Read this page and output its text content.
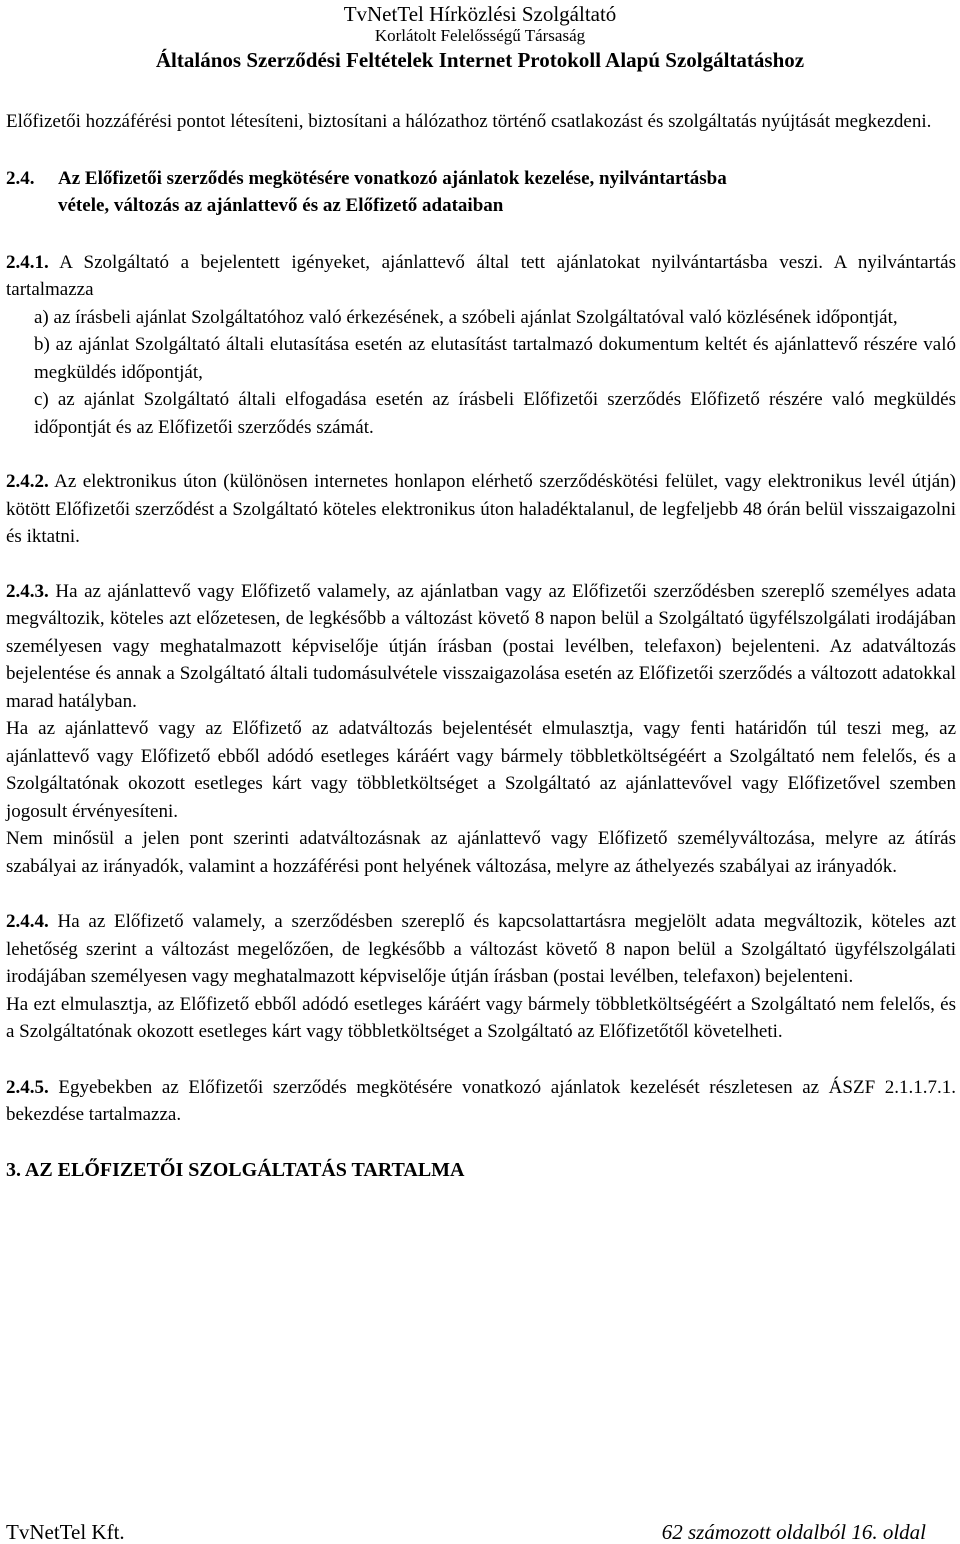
TvNetTel Hírközlési Szolgáltató
Korlátolt Felelősségű Társaság
Általános Szerződési Feltételek Internet Protokoll Alapú Szolgáltatáshoz

Előfizetői hozzáférési pontot létesíteni, biztosítani a hálózathoz történő csatlakozást és szolgáltatás nyújtását megkezdeni.

2.4. Az Előfizetői szerződés megkötésére vonatkozó ajánlatok kezelése, nyilvántartásba
vétele, változás az ajánlattevő és az Előfizető adataiban

2.4.1. A Szolgáltató a bejelentett igényeket, ajánlattevő által tett ajánlatokat nyilvántartásba veszi. A nyilvántartás tartalmazza

a) az írásbeli ajánlat Szolgáltatóhoz való érkezésének, a szóbeli ajánlat Szolgáltatóval való közlésének időpontját,

b) az ajánlat Szolgáltató általi elutasítása esetén az elutasítást tartalmazó dokumentum keltét és ajánlattevő részére való megküldés időpontját,

c) az ajánlat Szolgáltató általi elfogadása esetén az írásbeli Előfizetői szerződés Előfizető részére való megküldés időpontját és az Előfizetői szerződés számát.

2.4.2. Az elektronikus úton (különösen internetes honlapon elérhető szerződéskötési felület, vagy elektronikus levél útján) kötött Előfizetői szerződést a Szolgáltató köteles elektronikus úton haladéktalanul, de legfeljebb 48 órán belül visszaigazolni és iktatni.

2.4.3. Ha az ajánlattevő vagy Előfizető valamely, az ajánlatban vagy az Előfizetői szerződésben szereplő személyes adata megváltozik, köteles azt előzetesen, de legkésőbb a változást követő 8 napon belül a Szolgáltató ügyfélszolgálati irodájában személyesen vagy meghatalmazott képviselője útján írásban (postai levélben, telefaxon) bejelenteni. Az adatváltozás bejelentése és annak a Szolgáltató általi tudomásulvétele visszaigazolása esetén az Előfizetői szerződés a változott adatokkal marad hatályban.

Ha az ajánlattevő vagy az Előfizető az adatváltozás bejelentését elmulasztja, vagy fenti határidőn túl teszi meg, az ajánlattevő vagy Előfizető ebből adódó esetleges káráért vagy bármely többletköltségéért a Szolgáltató nem felelős, és a Szolgáltatónak okozott esetleges kárt vagy többletköltséget a Szolgáltató az ajánlattevővel vagy Előfizetővel szemben jogosult érvényesíteni.

Nem minősül a jelen pont szerinti adatváltozásnak az ajánlattevő vagy Előfizető személyváltozása, melyre az átírás szabályai az irányadók, valamint a hozzáférési pont helyének változása, melyre az áthelyezés szabályai az irányadók.

2.4.4. Ha az Előfizető valamely, a szerződésben szereplő és kapcsolattartásra megjelölt adata megváltozik, köteles azt lehetőség szerint a változást megelőzően, de legkésőbb a változást követő 8 napon belül a Szolgáltató ügyfélszolgálati irodájában személyesen vagy meghatalmazott képviselője útján írásban (postai levélben, telefaxon) bejelenteni.

Ha ezt elmulasztja, az Előfizető ebből adódó esetleges káráért vagy bármely többletköltségéért a Szolgáltató nem felelős, és a Szolgáltatónak okozott esetleges kárt vagy többletköltséget a Szolgáltató az Előfizetőtől követelheti.

2.4.5. Egyebekben az Előfizetői szerződés megkötésére vonatkozó ajánlatok kezelését részletesen az ÁSZF 2.1.1.7.1. bekezdése tartalmazza.

3. AZ ELŐFIZETŐI SZOLGÁLTATÁS TARTALMA

TvNetTel Kft.	62 számozott oldalból 16. oldal
